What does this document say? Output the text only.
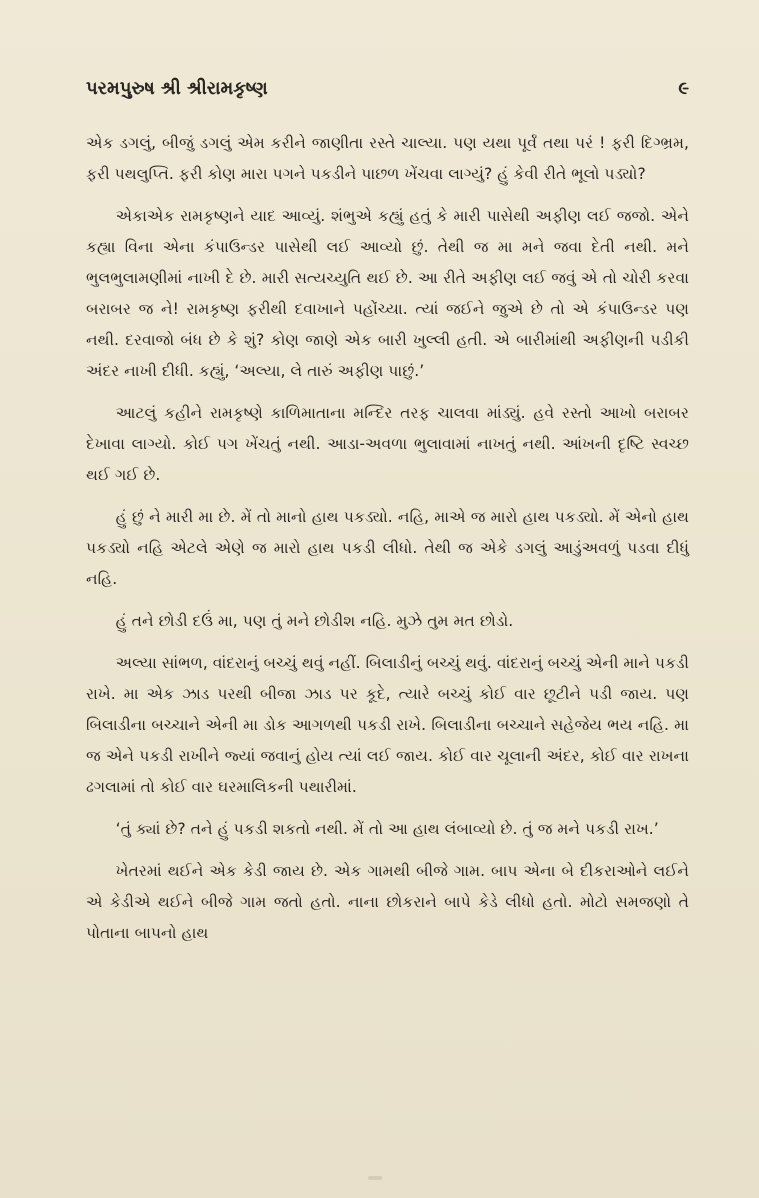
પરમપુરુષ શ્રી શ્રીરામકૃષ્ણ	૯

એક ડગલું, બીજું ડગલું એમ કરીને જાણીતા રસ્તે ચાલ્યા. પણ યથા પૂર્વં તથા પરં ! ફરી દિગ્ભ્રમ, ફરી પથલુપ્તિ. ફરી કોણ મારા પગને પકડીને પાછળ ખેંચવા લાગ્યું? હું કેવી રીતે ભૂલો પડ્યો?

એકાએક રામકૃષ્ણને યાદ આવ્યું. શંભુએ કહ્યું હતું કે મારી પાસેથી અફીણ લઈ જજો. એને કહ્યા વિના એના કંપાઉન્ડર પાસેથી લઈ આવ્યો છું. તેથી જ મા મને જવા દેતી નથી. મને ભુલભુલામણીમાં નાખી દે છે. મારી સત્યચ્યુતિ થઈ છે. આ રીતે અફીણ લઈ જવું એ તો ચોરી કરવા બરાબર જ ને! રામકૃષ્ણ ફરીથી દવાખાને પહોંચ્યા. ત્યાં જઈને જુએ છે તો એ કંપાઉન્ડર પણ નથી. દરવાજો બંધ છે કે શું? કોણ જાણે એક બારી ખુલ્લી હતી. એ બારીમાંથી અફીણની પડીકી અંદર નાખી દીધી. કહ્યું, ‘અલ્યા, લે તારું અફીણ પાછું.’

આટલું કહીને રામકૃષ્ણે કાળિમાતાના મન્દિર તરફ ચાલવા માંડ્યું. હવે રસ્તો આખો બરાબર દેખાવા લાગ્યો. કોઈ પગ ખેંચતું નથી. આડા-અવળા ભુલાવામાં નાખતું નથી. આંખની દૃષ્ટિ સ્વચ્છ થઈ ગઈ છે.

હું છું ને મારી મા છે. મેં તો માનો હાથ પકડ્યો. નહિ, માએ જ મારો હાથ પકડ્યો. મેં એનો હાથ પકડ્યો નહિ એટલે એણે જ મારો હાથ પકડી લીધો. તેથી જ એકે ડગલું આડુંઅવળું પડવા દીધું નહિ.

હું તને છોડી દઉં મા, પણ તું મને છોડીશ નહિ. મુઝે તુમ મત છોડો.

અલ્યા સાંભળ, વાંદરાનું બચ્ચું થવું નહીં. બિલાડીનું બચ્ચું થવું. વાંદરાનું બચ્ચું એની માને પકડી રાખે. મા એક ઝાડ પરથી બીજા ઝાડ પર કૂદે, ત્યારે બચ્ચું કોઈ વાર છૂટીને પડી જાય. પણ બિલાડીના બચ્ચાને એની મા ડોક આગળથી પકડી રાખે. બિલાડીના બચ્ચાને સહેજેય ભય નહિ. મા જ એને પકડી રાખીને જ્યાં જવાનું હોય ત્યાં લઈ જાય. કોઈ વાર ચૂલાની અંદર, કોઈ વાર રાખના ઢગલામાં તો કોઈ વાર ઘરમાલિકની પથારીમાં.

‘તું ક્યાં છે? તને હું પકડી શકતો નથી. મેં તો આ હાથ લંબાવ્યો છે. તું જ મને પકડી રાખ.’

ખેતરમાં થઈને એક કેડી જાય છે. એક ગામથી બીજે ગામ. બાપ એના બે દીકરાઓને લઈને એ કેડીએ થઈને બીજે ગામ જતો હતો. નાના છોકરાને બાપે કેડે લીધો હતો. મોટો સમજણો તે પોતાના બાપનો હાથ
